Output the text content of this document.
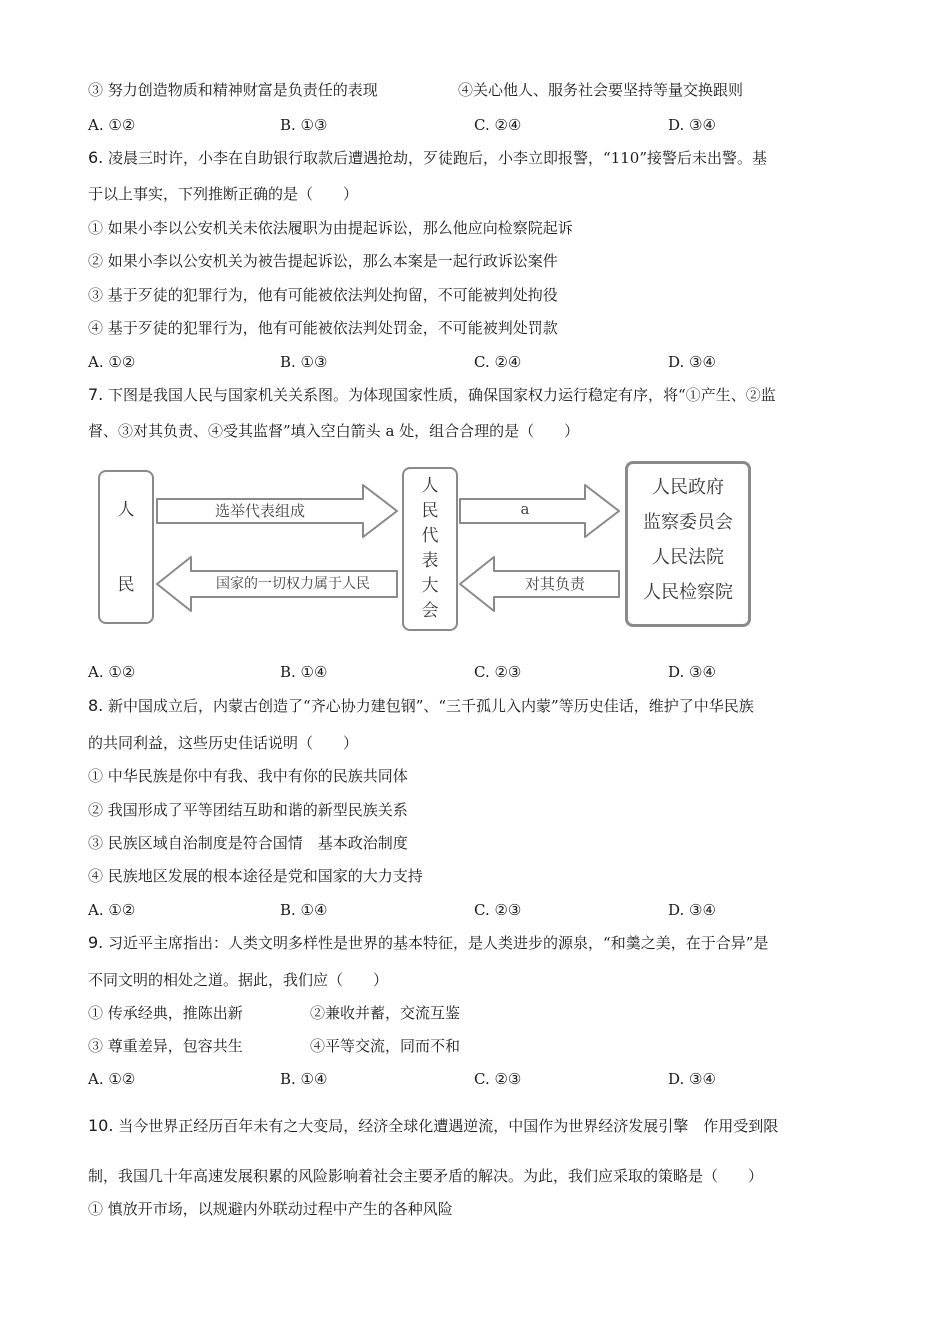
③ 努力创造物质和精神财富是负责任的表现	④关心他人、服务社会要坚持等量交换跟则
A. ①②	B. ①③	C. ②④	D. ③④
6. 凌晨三时许，小李在自助银行取款后遭遇抢劫，歹徒跑后，小李立即报警，“110”接警后未出警。基
于以上事实，下列推断正确的是（　　）
① 如果小李以公安机关未依法履职为由提起诉讼，那么他应向检察院起诉
② 如果小李以公安机关为被告提起诉讼，那么本案是一起行政诉讼案件
③ 基于歹徒的犯罪行为，他有可能被依法判处拘留，不可能被判处拘役
④ 基于歹徒的犯罪行为，他有可能被依法判处罚金，不可能被判处罚款
A. ①②	B. ①③	C. ②④	D. ③④
7. 下图是我国人民与国家机关关系图。为体现国家性质，确保国家权力运行稳定有序，将“①产生、②监
督、③对其负责、④受其监督”填入空白箭头 a 处，组合合理的是（　　）
人
民
人
民
代
表
大
会
人民政府
监察委员会
人民法院
人民检察院
选举代表组成
国家的一切权力属于人民
a
对其负责
A. ①②	B. ①④	C. ②③	D. ③④
8. 新中国成立后，内蒙古创造了“齐心协力建包钢”、“三千孤儿入内蒙”等历史佳话，维护了中华民族
的共同利益，这些历史佳话说明（　　）
① 中华民族是你中有我、我中有你的民族共同体
② 我国形成了平等团结互助和谐的新型民族关系
③ 民族区域自治制度是符合国情　基本政治制度
④ 民族地区发展的根本途径是党和国家的大力支持
A. ①②	B. ①④	C. ②③	D. ③④
9. 习近平主席指出：人类文明多样性是世界的基本特征，是人类进步的源泉，“和羹之美，在于合异”是
不同文明的相处之道。据此，我们应（　　）
① 传承经典，推陈出新	②兼收并蓄，交流互鉴
③ 尊重差异，包容共生	④平等交流，同而不和
A. ①②	B. ①④	C. ②③	D. ③④
10. 当今世界正经历百年未有之大变局，经济全球化遭遇逆流，中国作为世界经济发展引擎　作用受到限
制，我国几十年高速发展积累的风险影响着社会主要矛盾的解决。为此，我们应采取的策略是（　　）
① 慎放开市场，以规避内外联动过程中产生的各种风险
